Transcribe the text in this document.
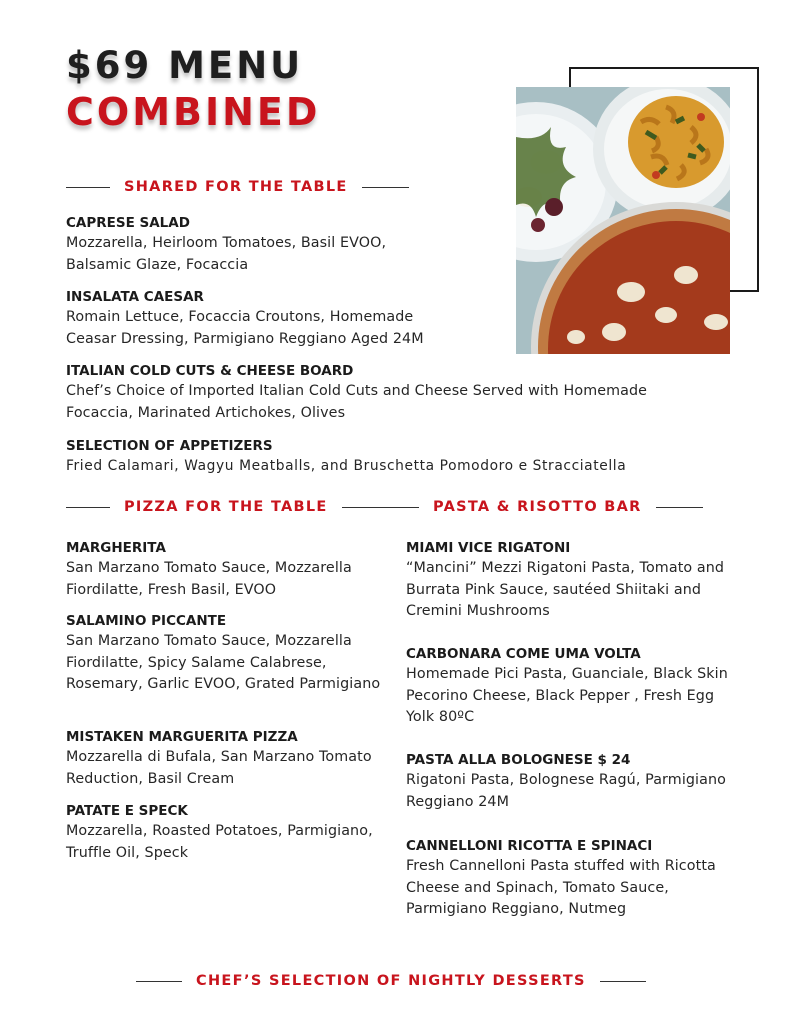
$69 MENU
COMBINED
SHARED FOR THE TABLE
CAPRESE SALAD
Mozzarella, Heirloom Tomatoes, Basil EVOO, Balsamic Glaze, Focaccia
INSALATA CAESAR
Romain Lettuce, Focaccia Croutons, Homemade Ceasar Dressing, Parmigiano Reggiano Aged 24M
ITALIAN COLD CUTS & CHEESE BOARD
Chef’s Choice of Imported Italian Cold Cuts and Cheese Served with Homemade Focaccia, Marinated Artichokes, Olives
SELECTION OF APPETIZERS
Fried Calamari, Wagyu Meatballs, and Bruschetta Pomodoro e Stracciatella
PIZZA FOR THE TABLE	PASTA & RISOTTO BAR
MARGHERITA
San Marzano Tomato Sauce, Mozzarella Fiordilatte, Fresh Basil, EVOO
SALAMINO PICCANTE
San Marzano Tomato Sauce, Mozzarella Fiordilatte, Spicy Salame Calabrese, Rosemary, Garlic EVOO, Grated Parmigiano
MISTAKEN MARGUERITA PIZZA
Mozzarella di Bufala, San Marzano Tomato Reduction, Basil Cream
PATATE E SPECK
Mozzarella, Roasted Potatoes, Parmigiano, Truffle Oil, Speck
MIAMI VICE RIGATONI
“Mancini” Mezzi Rigatoni Pasta, Tomato and Burrata Pink Sauce, sautéed Shiitaki and Cremini Mushrooms
CARBONARA COME UMA VOLTA
Homemade Pici Pasta, Guanciale, Black Skin Pecorino Cheese, Black Pepper , Fresh Egg Yolk 80ºC
PASTA ALLA BOLOGNESE $ 24
Rigatoni Pasta, Bolognese Ragú, Parmigiano Reggiano 24M
CANNELLONI RICOTTA E SPINACI
Fresh Cannelloni Pasta stuffed with Ricotta Cheese and Spinach, Tomato Sauce, Parmigiano Reggiano, Nutmeg
CHEF’S SELECTION OF NIGHTLY DESSERTS
